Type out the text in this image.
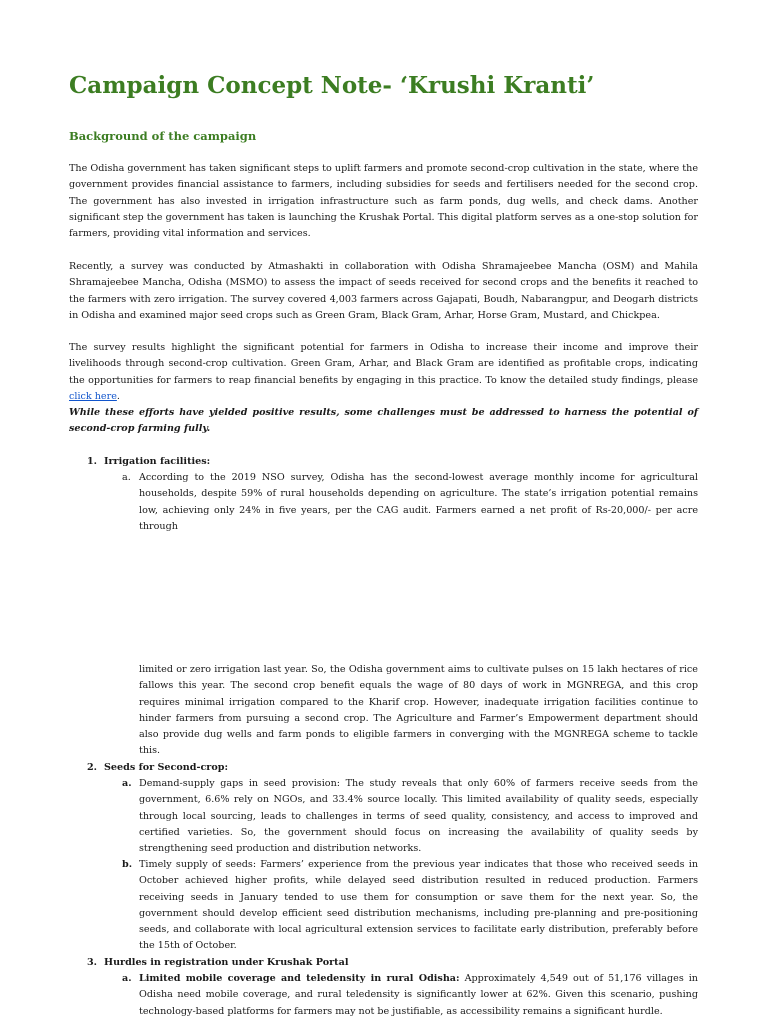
Campaign Concept Note- ‘Krushi Kranti’
Background of the campaign

The Odisha government has taken significant steps to uplift farmers and promote second-crop cultivation in the state, where the government provides financial assistance to farmers, including subsidies for seeds and fertilisers needed for the second crop. The government has also invested in irrigation infrastructure such as farm ponds, dug wells, and check dams. Another significant step the government has taken is launching the Krushak Portal. This digital platform serves as a one-stop solution for farmers, providing vital information and services.

Recently, a survey was conducted by Atmashakti in collaboration with Odisha Shramajeebee Mancha (OSM) and Mahila Shramajeebee Mancha, Odisha (MSMO) to assess the impact of seeds received for second crops and the benefits it reached to the farmers with zero irrigation. The survey covered 4,003 farmers across Gajapati, Boudh, Nabarangpur, and Deogarh districts in Odisha and examined major seed crops such as Green Gram, Black Gram, Arhar, Horse Gram, Mustard, and Chickpea.

The survey results highlight the significant potential for farmers in Odisha to increase their income and improve their livelihoods through second-crop cultivation. Green Gram, Arhar, and Black Gram are identified as profitable crops, indicating the opportunities for farmers to reap financial benefits by engaging in this practice. To know the detailed study findings, please click here.

While these efforts have yielded positive results, some challenges must be addressed to harness the potential of second-crop farming fully.

1. Irrigation facilities:
a. According to the 2019 NSO survey, Odisha has the second-lowest average monthly income for agricultural households, despite 59% of rural households depending on agriculture. The state’s irrigation potential remains low, achieving only 24% in five years, per the CAG audit. Farmers earned a net profit of Rs-20,000/- per acre through

limited or zero irrigation last year. So, the Odisha government aims to cultivate pulses on 15 lakh hectares of rice fallows this year. The second crop benefit equals the wage of 80 days of work in MGNREGA, and this crop requires minimal irrigation compared to the Kharif crop. However, inadequate irrigation facilities continue to hinder farmers from pursuing a second crop. The Agriculture and Farmer’s Empowerment department should also provide dug wells and farm ponds to eligible farmers in converging with the MGNREGA scheme to tackle this.

2. Seeds for Second-crop:
a. Demand-supply gaps in seed provision: The study reveals that only 60% of farmers receive seeds from the government, 6.6% rely on NGOs, and 33.4% source locally. This limited availability of quality seeds, especially through local sourcing, leads to challenges in terms of seed quality, consistency, and access to improved and certified varieties. So, the government should focus on increasing the availability of quality seeds by strengthening seed production and distribution networks.

b. Timely supply of seeds: Farmers’ experience from the previous year indicates that those who received seeds in October achieved higher profits, while delayed seed distribution resulted in reduced production. Farmers receiving seeds in January tended to use them for consumption or save them for the next year. So, the government should develop efficient seed distribution mechanisms, including pre-planning and pre-positioning seeds, and collaborate with local agricultural extension services to facilitate early distribution, preferably before the 15th of October.

3. Hurdles in registration under Krushak Portal
a. Limited mobile coverage and teledensity in rural Odisha: Approximately 4,549 out of 51,176 villages in Odisha need mobile coverage, and rural teledensity is significantly lower at 62%. Given this scenario, pushing technology-based platforms for farmers may not be justifiable, as accessibility remains a significant hurdle.
